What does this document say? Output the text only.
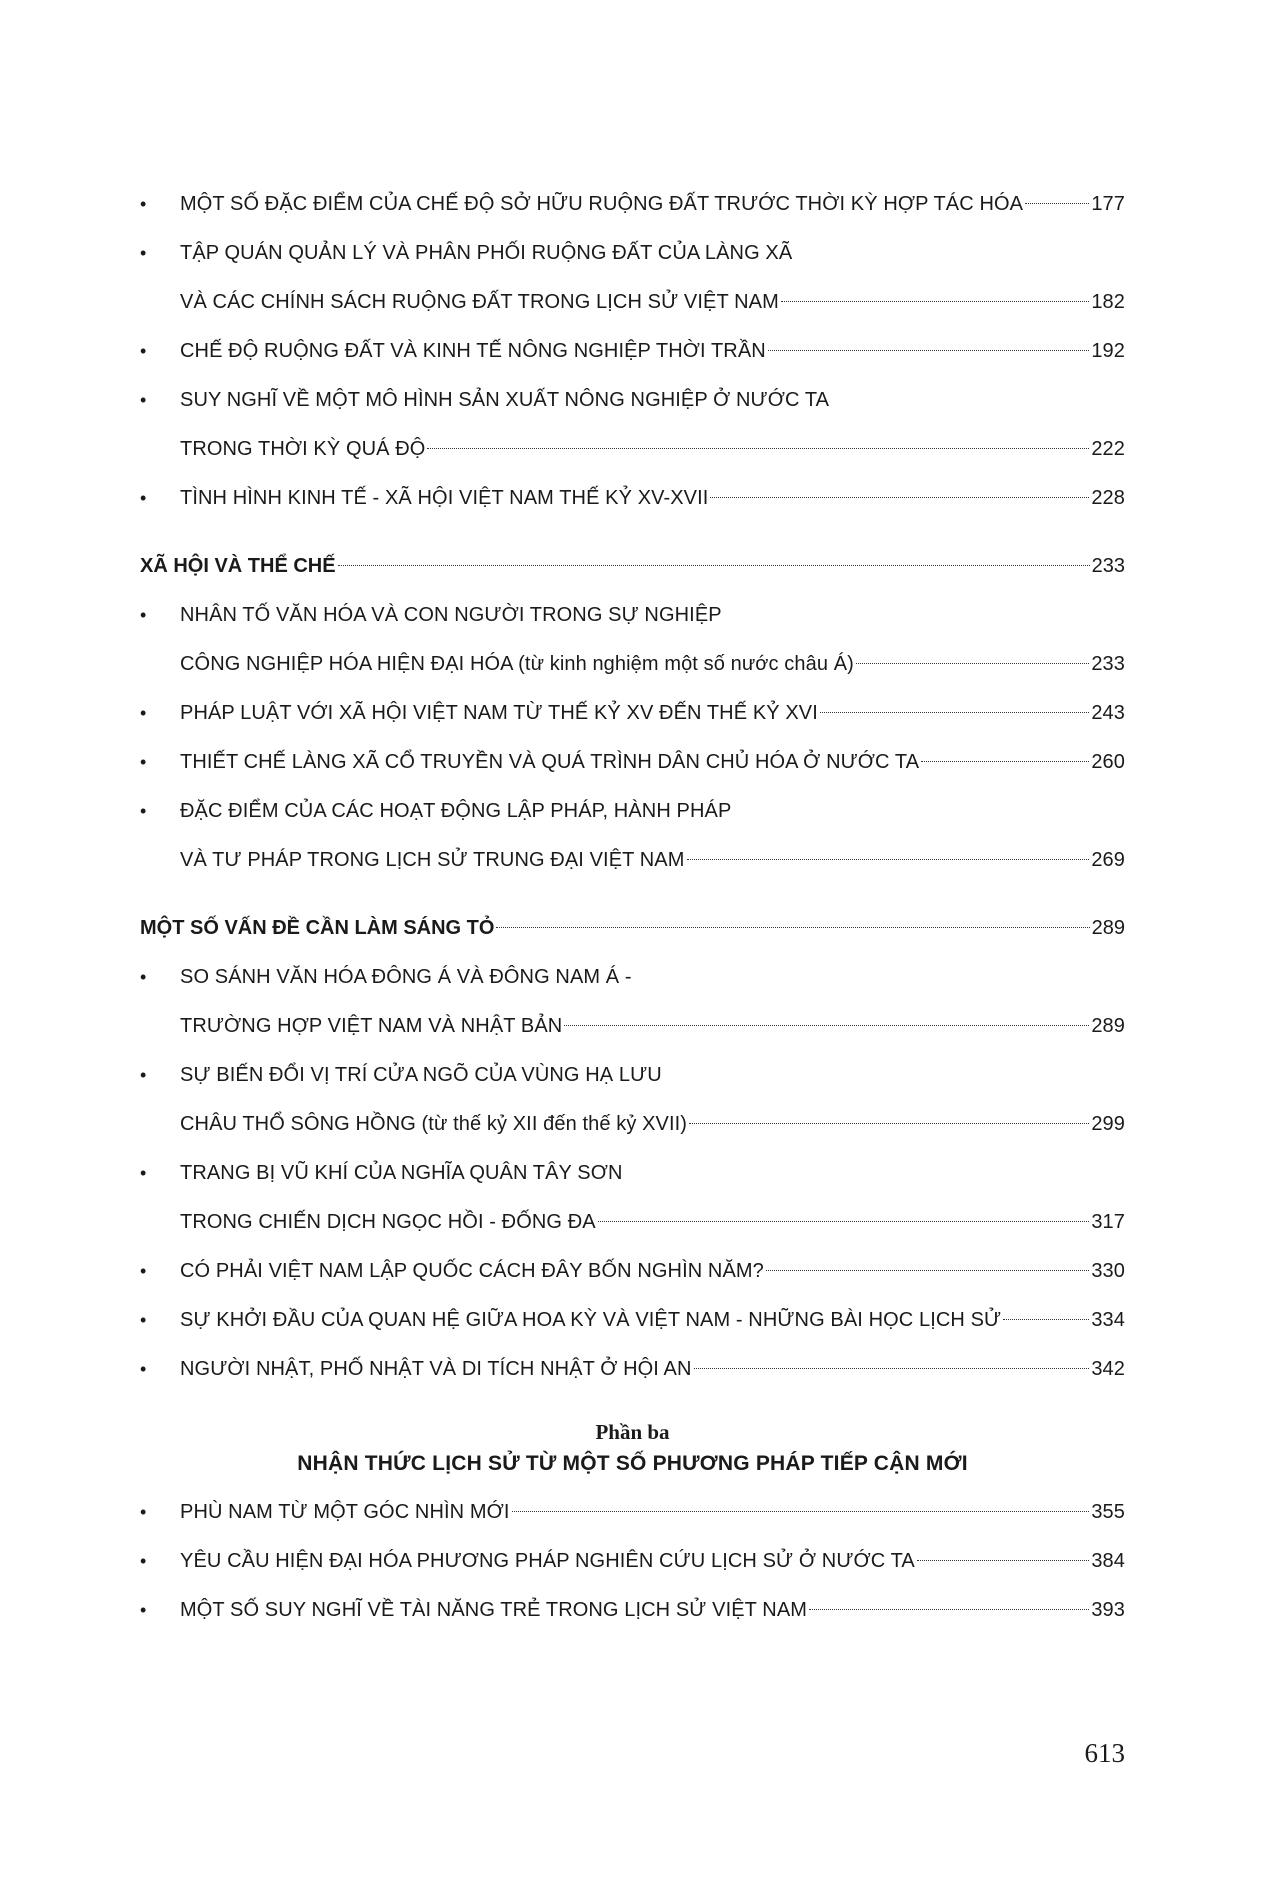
• MỘT SỐ ĐẶC ĐIỂM CỦA CHẾ ĐỘ SỞ HỮU RUỘNG ĐẤT TRƯỚC THỜI KỲ HỢP TÁC HÓA	177
• TẬP QUÁN QUẢN LÝ VÀ PHÂN PHỐI RUỘNG ĐẤT CỦA LÀNG XÃ
VÀ CÁC CHÍNH SÁCH RUỘNG ĐẤT TRONG LỊCH SỬ VIỆT NAM	182
• CHẾ ĐỘ RUỘNG ĐẤT VÀ KINH TẾ NÔNG NGHIỆP THỜI TRẦN	192
• SUY NGHĨ VỀ MỘT MÔ HÌNH SẢN XUẤT NÔNG NGHIỆP Ở NƯỚC TA
TRONG THỜI KỲ QUÁ ĐỘ	222
• TÌNH HÌNH KINH TẾ - XÃ HỘI VIỆT NAM THẾ KỶ XV-XVII	228
XÃ HỘI VÀ THỂ CHẾ	233
• NHÂN TỐ VĂN HÓA VÀ CON NGƯỜI TRONG SỰ NGHIỆP
CÔNG NGHIỆP HÓA HIỆN ĐẠI HÓA (từ kinh nghiệm một số nước châu Á)	233
• PHÁP LUẬT VỚI XÃ HỘI VIỆT NAM TỪ THẾ KỶ XV ĐẾN THẾ KỶ XVI	243
• THIẾT CHẾ LÀNG XÃ CỔ TRUYỀN VÀ QUÁ TRÌNH DÂN CHỦ HÓA Ở NƯỚC TA	260
• ĐẶC ĐIỂM CỦA CÁC HOẠT ĐỘNG LẬP PHÁP, HÀNH PHÁP
VÀ TƯ PHÁP TRONG LỊCH SỬ TRUNG ĐẠI VIỆT NAM	269
MỘT SỐ VẤN ĐỀ CẦN LÀM SÁNG TỎ	289
• SO SÁNH VĂN HÓA ĐÔNG Á VÀ ĐÔNG NAM Á -
TRƯỜNG HỢP VIỆT NAM VÀ NHẬT BẢN	289
• SỰ BIẾN ĐỔI VỊ TRÍ CỬA NGÕ CỦA VÙNG HẠ LƯU
CHÂU THỔ SÔNG HỒNG (từ thế kỷ XII đến thế kỷ XVII)	299
• TRANG BỊ VŨ KHÍ CỦA NGHĨA QUÂN TÂY SƠN
TRONG CHIẾN DỊCH NGỌC HỒI - ĐỐNG ĐA	317
• CÓ PHẢI VIỆT NAM LẬP QUỐC CÁCH ĐÂY BỐN NGHÌN NĂM?	330
• SỰ KHỞI ĐẦU CỦA QUAN HỆ GIỮA HOA KỲ VÀ VIỆT NAM - NHỮNG BÀI HỌC LỊCH SỬ	334
• NGƯỜI NHẬT, PHỐ NHẬT VÀ DI TÍCH NHẬT Ở HỘI AN	342
Phần ba
NHẬN THỨC LỊCH SỬ TỪ MỘT SỐ PHƯƠNG PHÁP TIẾP CẬN MỚI
• PHÙ NAM TỪ MỘT GÓC NHÌN MỚI	355
• YÊU CẦU HIỆN ĐẠI HÓA PHƯƠNG PHÁP NGHIÊN CỨU LỊCH SỬ Ở NƯỚC TA	384
• MỘT SỐ SUY NGHĨ VỀ TÀI NĂNG TRẺ TRONG LỊCH SỬ VIỆT NAM	393
613
